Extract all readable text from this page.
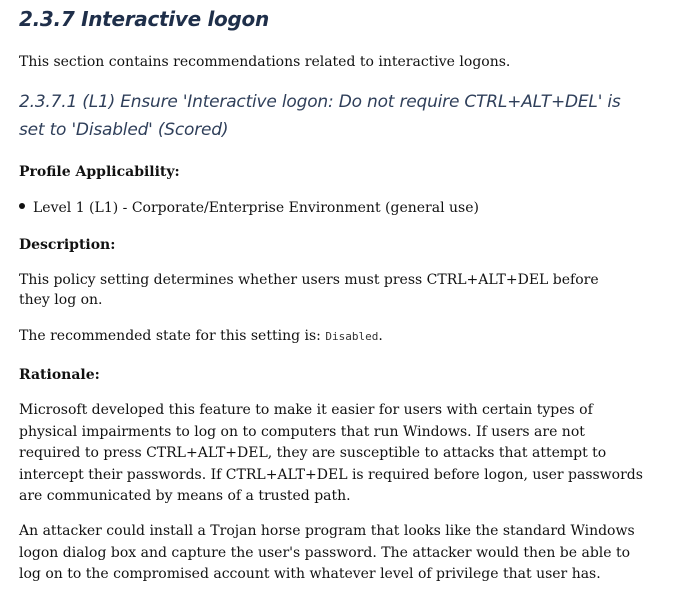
2.3.7 Interactive logon
This section contains recommendations related to interactive logons.
2.3.7.1 (L1) Ensure 'Interactive logon: Do not require CTRL+ALT+DEL' is set to 'Disabled' (Scored)
Profile Applicability:
Level 1 (L1) - Corporate/Enterprise Environment (general use)
Description:
This policy setting determines whether users must press CTRL+ALT+DEL before they log on.
The recommended state for this setting is: Disabled.
Rationale:
Microsoft developed this feature to make it easier for users with certain types of physical impairments to log on to computers that run Windows. If users are not required to press CTRL+ALT+DEL, they are susceptible to attacks that attempt to intercept their passwords. If CTRL+ALT+DEL is required before logon, user passwords are communicated by means of a trusted path.
An attacker could install a Trojan horse program that looks like the standard Windows logon dialog box and capture the user's password. The attacker would then be able to log on to the compromised account with whatever level of privilege that user has.
